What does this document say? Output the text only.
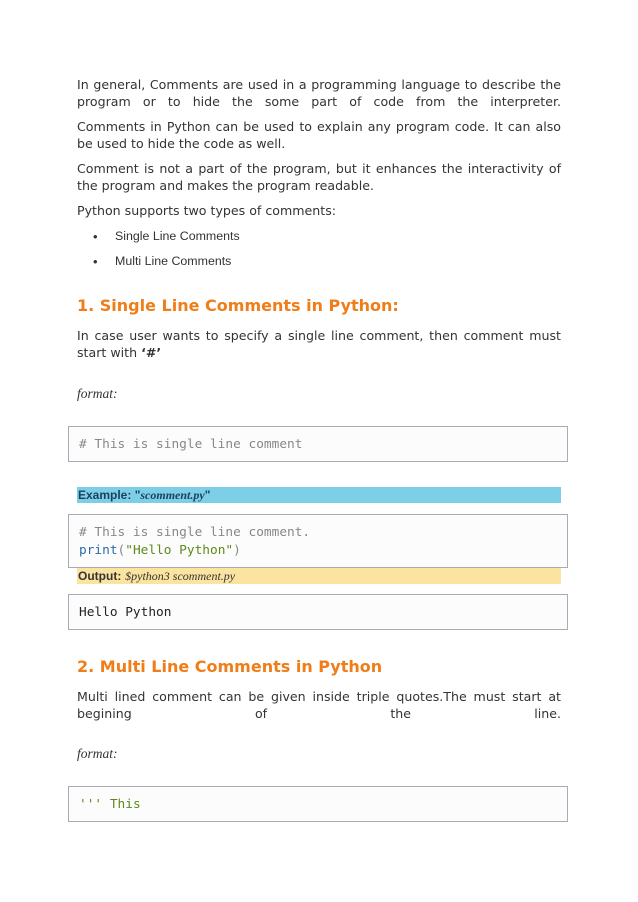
In general, Comments are used in a programming language to describe the program or to hide the some part of code from the interpreter.

Comments in Python can be used to explain any program code. It can also be used to hide the code as well.

Comment is not a part of the program, but it enhances the interactivity of the program and makes the program readable.

Python supports two types of comments:

• Single Line Comments
• Multi Line Comments
1. Single Line Comments in Python:

In case user wants to specify a single line comment, then comment must start with ‘#’

format:
# This is single line comment
Example: "scomment.py"
# This is single line comment.
print("Hello Python")
Output: $python3 scomment.py
Hello Python
2. Multi Line Comments in Python

Multi lined comment can be given inside triple quotes.The must start at begining of the line.

format:
''' This
